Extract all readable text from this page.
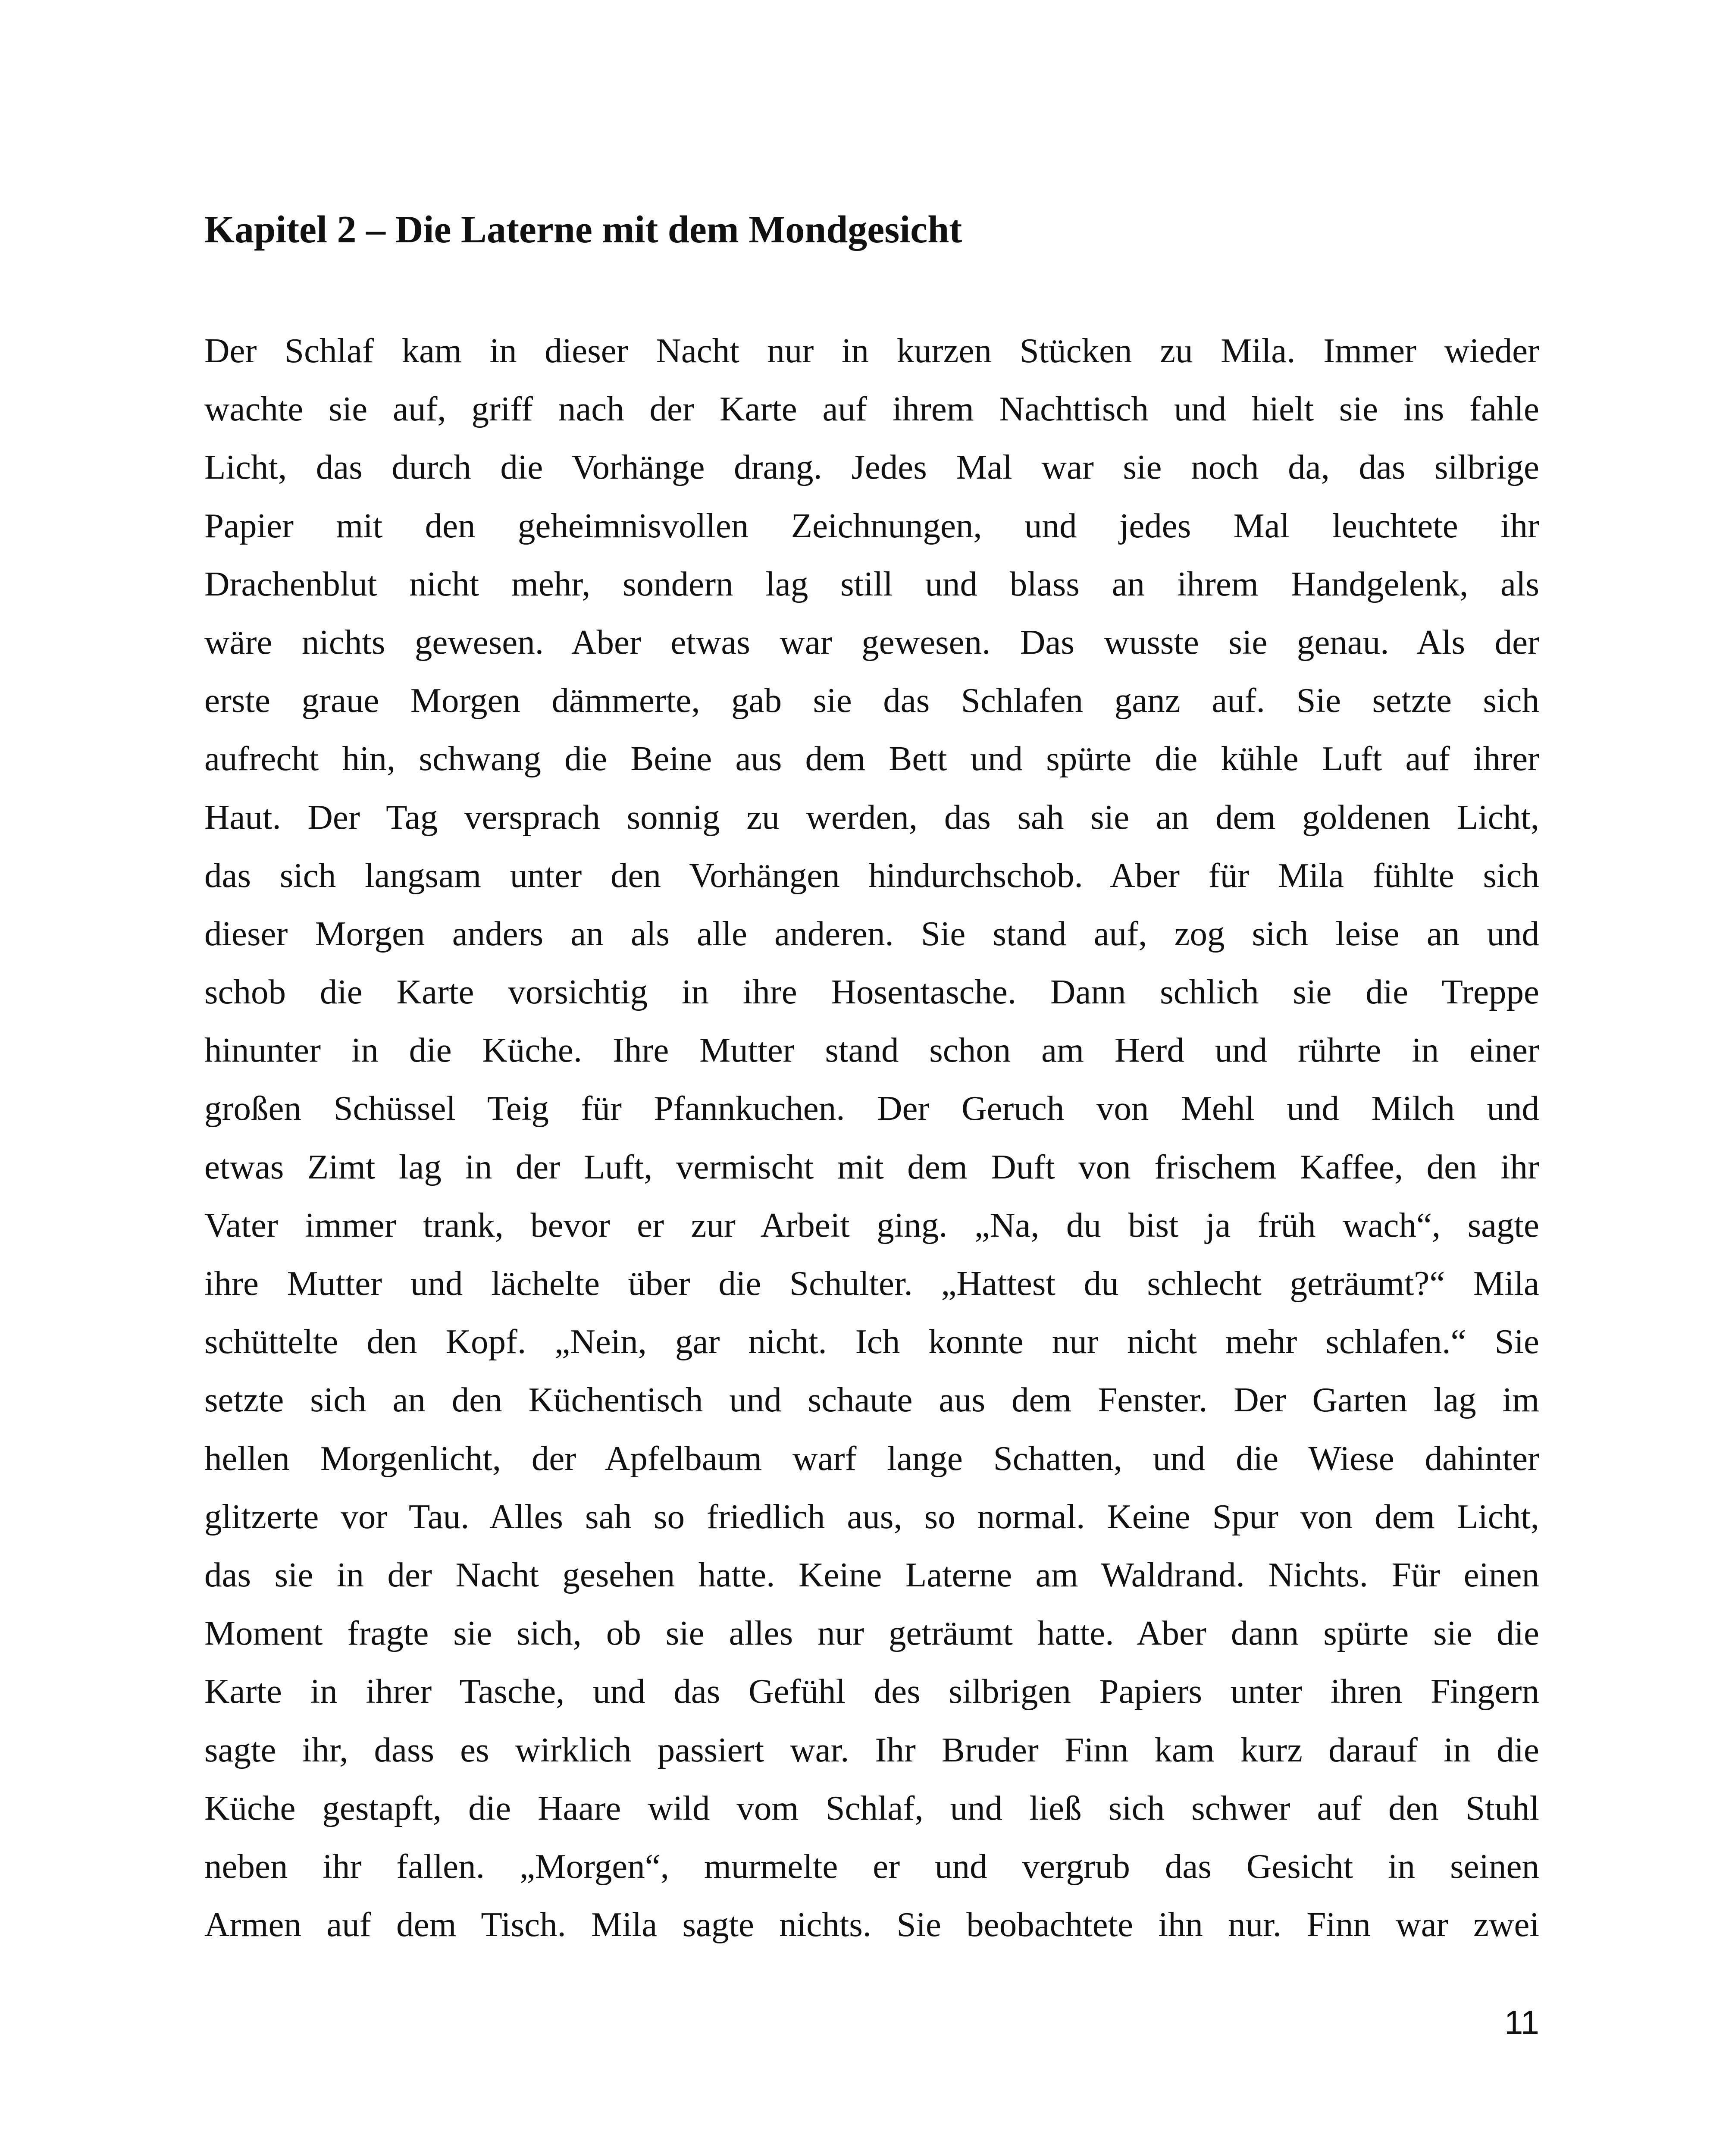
Kapitel 2 – Die Laterne mit dem Mondgesicht
Der Schlaf kam in dieser Nacht nur in kurzen Stücken zu Mila. Immer wieder
wachte sie auf, griff nach der Karte auf ihrem Nachttisch und hielt sie ins fahle
Licht, das durch die Vorhänge drang. Jedes Mal war sie noch da, das silbrige
Papier mit den geheimnisvollen Zeichnungen, und jedes Mal leuchtete ihr
Drachenblut nicht mehr, sondern lag still und blass an ihrem Handgelenk, als
wäre nichts gewesen. Aber etwas war gewesen. Das wusste sie genau. Als der
erste graue Morgen dämmerte, gab sie das Schlafen ganz auf. Sie setzte sich
aufrecht hin, schwang die Beine aus dem Bett und spürte die kühle Luft auf ihrer
Haut. Der Tag versprach sonnig zu werden, das sah sie an dem goldenen Licht,
das sich langsam unter den Vorhängen hindurchschob. Aber für Mila fühlte sich
dieser Morgen anders an als alle anderen. Sie stand auf, zog sich leise an und
schob die Karte vorsichtig in ihre Hosentasche. Dann schlich sie die Treppe
hinunter in die Küche. Ihre Mutter stand schon am Herd und rührte in einer
großen Schüssel Teig für Pfannkuchen. Der Geruch von Mehl und Milch und
etwas Zimt lag in der Luft, vermischt mit dem Duft von frischem Kaffee, den ihr
Vater immer trank, bevor er zur Arbeit ging. „Na, du bist ja früh wach“, sagte
ihre Mutter und lächelte über die Schulter. „Hattest du schlecht geträumt?“ Mila
schüttelte den Kopf. „Nein, gar nicht. Ich konnte nur nicht mehr schlafen.“ Sie
setzte sich an den Küchentisch und schaute aus dem Fenster. Der Garten lag im
hellen Morgenlicht, der Apfelbaum warf lange Schatten, und die Wiese dahinter
glitzerte vor Tau. Alles sah so friedlich aus, so normal. Keine Spur von dem Licht,
das sie in der Nacht gesehen hatte. Keine Laterne am Waldrand. Nichts. Für einen
Moment fragte sie sich, ob sie alles nur geträumt hatte. Aber dann spürte sie die
Karte in ihrer Tasche, und das Gefühl des silbrigen Papiers unter ihren Fingern
sagte ihr, dass es wirklich passiert war. Ihr Bruder Finn kam kurz darauf in die
Küche gestapft, die Haare wild vom Schlaf, und ließ sich schwer auf den Stuhl
neben ihr fallen. „Morgen“, murmelte er und vergrub das Gesicht in seinen
Armen auf dem Tisch. Mila sagte nichts. Sie beobachtete ihn nur. Finn war zwei
11
